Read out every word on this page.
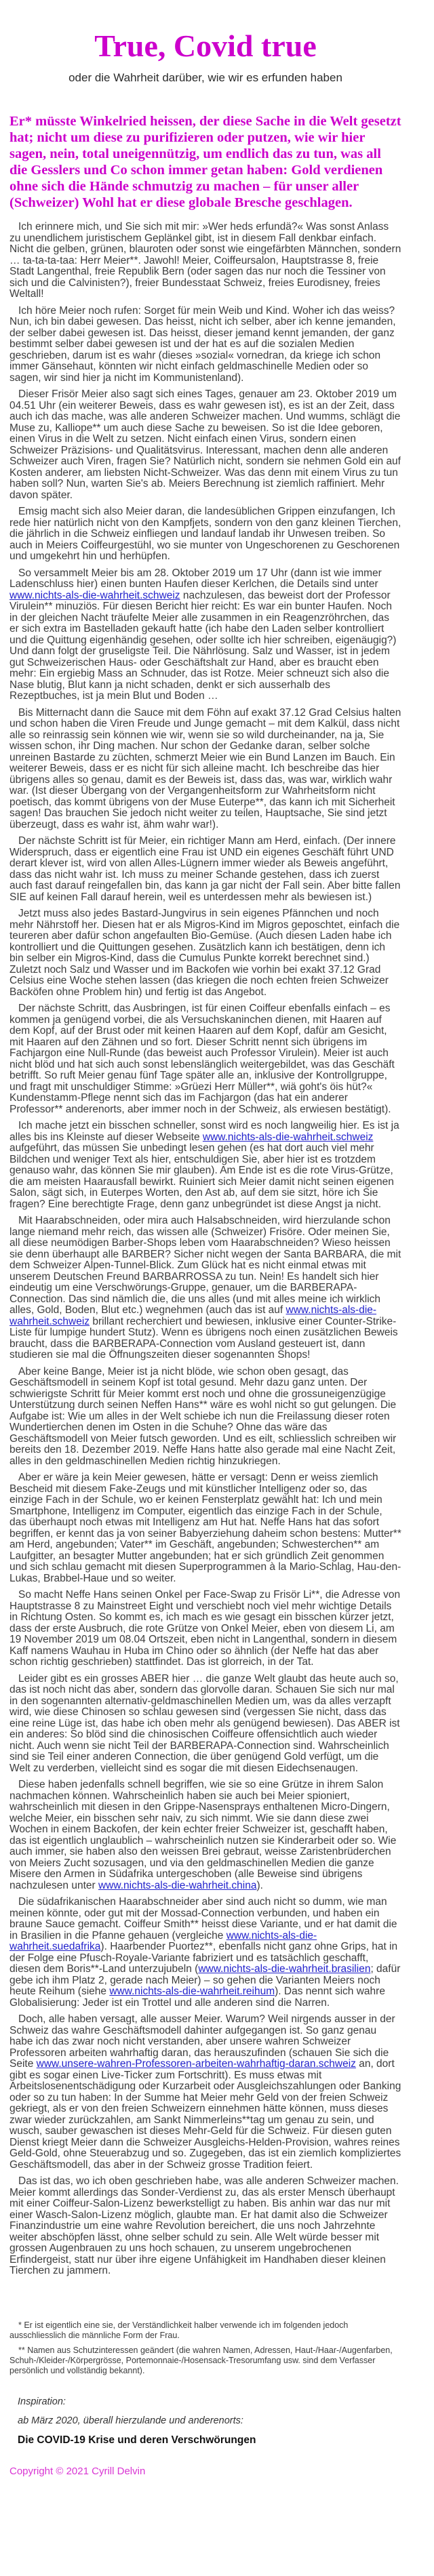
True, Covid true

oder die Wahrheit darüber, wie wir es erfunden haben

Er* müsste Winkelried heissen, der diese Sache in die Welt gesetzt hat; nicht um diese zu purifizieren oder putzen, wie wir hier sagen, nein, total uneigennützig, um endlich das zu tun, was all die Gesslers und Co schon immer getan haben: Gold verdienen ohne sich die Hände schmutzig zu machen – für unser aller (Schweizer) Wohl hat er diese globale Bresche geschlagen.

Ich erinnere mich, und Sie sich mit mir: »Wer heds erfundä?« Was sonst Anlass zu unendlichem juristischem Geplänkel gibt, ist in diesem Fall denkbar einfach. Nicht die gelben, grünen, blauroten oder sonst wie eingefärbten Männchen, sondern … ta-ta-ta-taa: Herr Meier**. Jawohl! Meier, Coiffeursalon, Hauptstrasse 8, freie Stadt Langenthal, freie Republik Bern (oder sagen das nur noch die Tessiner von sich und die Calvinisten?), freier Bundesstaat Schweiz, freies Eurodisney, freies Weltall!

Ich höre Meier noch rufen: Sorget für mein Weib und Kind. Woher ich das weiss? Nun, ich bin dabei gewesen. Das heisst, nicht ich selber, aber ich kenne jemanden, der selber dabei gewesen ist. Das heisst, dieser jemand kennt jemanden, der ganz bestimmt selber dabei gewesen ist und der hat es auf die sozialen Medien geschrieben, darum ist es wahr (dieses »sozial« vornedran, da kriege ich schon immer Gänsehaut, könnten wir nicht einfach geldmaschinelle Medien oder so sagen, wir sind hier ja nicht im Kommunistenland).

Dieser Frisör Meier also sagt sich eines Tages, genauer am 23. Oktober 2019 um 04.51 Uhr (ein weiterer Beweis, dass es wahr gewesen ist), es ist an der Zeit, dass auch ich das mache, was alle anderen Schweizer machen. Und wumms, schlägt die Muse zu, Kalliope** um auch diese Sache zu beweisen. So ist die Idee geboren, einen Virus in die Welt zu setzen. Nicht einfach einen Virus, sondern einen Schweizer Präzisions- und Qualitätsvirus. Interessant, machen denn alle anderen Schweizer auch Viren, fragen Sie? Natürlich nicht, sondern sie nehmen Gold ein auf Kosten anderer, am liebsten Nicht-Schweizer. Was das denn mit einem Virus zu tun haben soll? Nun, warten Sie's ab. Meiers Berechnung ist ziemlich raffiniert. Mehr davon später.

Emsig macht sich also Meier daran, die landesüblichen Grippen einzufangen, Ich rede hier natürlich nicht von den Kampfjets, sondern von den ganz kleinen Tierchen, die jährlich in die Schweiz einfliegen und landauf landab ihr Unwesen treiben. So auch in Meiers Coiffeurgestühl, wo sie munter von Ungeschorenen zu Geschorenen und umgekehrt hin und herhüpfen.

So versammelt Meier bis am 28. Oktober 2019 um 17 Uhr (dann ist wie immer Ladenschluss hier) einen bunten Haufen dieser Kerlchen, die Details sind unter www.nichts-als-die-wahrheit.schweiz nachzulesen, das beweist dort der Professor Virulein** minuziös. Für diesen Bericht hier reicht: Es war ein bunter Haufen. Noch in der gleichen Nacht träufelte Meier alle zusammen in ein Reagenzröhrchen, das er sich extra im Bastelladen gekauft hatte (ich habe den Laden selber kontrolliert und die Quittung eigenhändig gesehen, oder sollte ich hier schreiben, eigenäugig?) Und dann folgt der gruseligste Teil. Die Nährlösung. Salz und Wasser, ist in jedem gut Schweizerischen Haus- oder Geschäftshalt zur Hand, aber es braucht eben mehr: Ein ergiebig Mass an Schnuder, das ist Rotze. Meier schneuzt sich also die Nase blutig, Blut kann ja nicht schaden, denkt er sich ausserhalb des Rezeptbuches, ist ja mein Blut und Boden …

Bis Mitternacht dann die Sauce mit dem Föhn auf exakt 37.12 Grad Celsius halten und schon haben die Viren Freude und Junge gemacht – mit dem Kalkül, dass nicht alle so reinrassig sein können wie wir, wenn sie so wild durcheinander, na ja, Sie wissen schon, ihr Ding machen. Nur schon der Gedanke daran, selber solche unreinen Bastarde zu züchten, schmerzt Meier wie ein Bund Lanzen im Bauch. Ein weiterer Beweis, dass er es nicht für sich alleine macht. Ich beschreibe das hier übrigens alles so genau, damit es der Beweis ist, dass das, was war, wirklich wahr war. (Ist dieser Übergang von der Vergangenheitsform zur Wahrheitsform nicht poetisch, das kommt übrigens von der Muse Euterpe**, das kann ich mit Sicherheit sagen! Das brauchen Sie jedoch nicht weiter zu teilen, Hauptsache, Sie sind jetzt überzeugt, dass es wahr ist, ähm wahr war!).

Der nächste Schritt ist für Meier, ein richtiger Mann am Herd, einfach. (Der innere Widerspruch, dass er eigentlich eine Frau ist UND ein eigenes Geschäft führt UND derart klever ist, wird von allen Alles-Lügnern immer wieder als Beweis angeführt, dass das nicht wahr ist. Ich muss zu meiner Schande gestehen, dass ich zuerst auch fast darauf reingefallen bin, das kann ja gar nicht der Fall sein. Aber bitte fallen SIE auf keinen Fall darauf herein, weil es unterdessen mehr als bewiesen ist.)

Jetzt muss also jedes Bastard-Jungvirus in sein eigenes Pfännchen und noch mehr Nährstoff her. Diesen hat er als Migros-Kind im Migros geposchtet, einfach die teureren aber dafür schon angefaulten Bio-Gemüse. (Auch diesen Laden habe ich kontrolliert und die Quittungen gesehen. Zusätzlich kann ich bestätigen, denn ich bin selber ein Migros-Kind, dass die Cumulus Punkte korrekt berechnet sind.) Zuletzt noch Salz und Wasser und im Backofen wie vorhin bei exakt 37.12 Grad Celsius eine Woche stehen lassen (das kriegen die noch echten freien Schweizer Backöfen ohne Problem hin) und fertig ist das Angebot.

Der nächste Schritt, das Ausbringen, ist für einen Coiffeur ebenfalls einfach – es kommen ja genügend vorbei, die als Versuchskaninchen dienen, mit Haaren auf dem Kopf, auf der Brust oder mit keinen Haaren auf dem Kopf, dafür am Gesicht, mit Haaren auf den Zähnen und so fort. Dieser Schritt nennt sich übrigens im Fachjargon eine Null-Runde (das beweist auch Professor Virulein). Meier ist auch nicht blöd und hat sich auch sonst lebenslänglich weitergebildet, was das Geschäft betrifft. So ruft Meier genau fünf Tage später alle an, inklusive der Kontrollgruppe, und fragt mit unschuldiger Stimme: »Grüezi Herr Müller**, wiä goht's öis hüt?« Kundenstamm-Pflege nennt sich das im Fachjargon (das hat ein anderer Professor** anderenorts, aber immer noch in der Schweiz, als erwiesen bestätigt).

Ich mache jetzt ein bisschen schneller, sonst wird es noch langweilig hier. Es ist ja alles bis ins Kleinste auf dieser Webseite www.nichts-als-die-wahrheit.schweiz aufgeführt, das müssen Sie unbedingt lesen gehen (es hat dort auch viel mehr Bildchen und weniger Text als hier, entschuldigen Sie, aber hier ist es trotzdem genauso wahr, das können Sie mir glauben). Am Ende ist es die rote Virus-Grütze, die am meisten Haarausfall bewirkt. Ruiniert sich Meier damit nicht seinen eigenen Salon, sägt sich, in Euterpes Worten, den Ast ab, auf dem sie sitzt, höre ich Sie fragen? Eine berechtigte Frage, denn ganz unbegründet ist diese Angst ja nicht.

Mit Haarabschneiden, oder mira auch Halsabschneiden, wird hierzulande schon lange niemand mehr reich, das wissen alle (Schweizer) Frisöre. Oder meinen Sie, all diese neumödigen Barber-Shops leben vom Haarabschneiden? Wieso heissen sie denn überhaupt alle BARBER? Sicher nicht wegen der Santa BARBARA, die mit dem Schweizer Alpen-Tunnel-Blick. Zum Glück hat es nicht einmal etwas mit unserem Deutschen Freund BARBARROSSA zu tun. Nein! Es handelt sich hier eindeutig um eine Verschwörungs-Gruppe, genauer, um die BARBERAPA-Connection. Das sind nämlich die, die uns alles (und mit alles meine ich wirklich alles, Gold, Boden, Blut etc.) wegnehmen (auch das ist auf www.nichts-als-die-wahrheit.schweiz brillant recherchiert und bewiesen, inklusive einer Counter-Strike-Liste für lumpige hundert Stutz). Wenn es übrigens noch einen zusätzlichen Beweis braucht, dass die BARBERAPA-Connection vom Ausland gesteuert ist, dann studieren sie mal die Öffnungszeiten dieser sogenannten Shops!

Aber keine Bange, Meier ist ja nicht blöde, wie schon oben gesagt, das Geschäftsmodell in seinem Kopf ist total gesund. Mehr dazu ganz unten. Der schwierigste Schritt für Meier kommt erst noch und ohne die grossuneigenzügige Unterstützung durch seinen Neffen Hans** wäre es wohl nicht so gut gelungen. Die Aufgabe ist: Wie um alles in der Welt schiebe ich nun die Freilassung dieser roten Wundertierchen denen im Osten in die Schuhe? Ohne das wäre das Geschäftsmodell von Meier futsch geworden. Und es eilt, schliesslich schreiben wir bereits den 18. Dezember 2019. Neffe Hans hatte also gerade mal eine Nacht Zeit, alles in den geldmaschinellen Medien richtig hinzukriegen.

Aber er wäre ja kein Meier gewesen, hätte er versagt: Denn er weiss ziemlich Bescheid mit diesem Fake-Zeugs und mit künstlicher Intelligenz oder so, das einzige Fach in der Schule, wo er keinen Fensterplatz gewählt hat: Ich und mein Smartphone, Intelligenz im Computer, eigentlich das einzige Fach in der Schule, das überhaupt noch etwas mit Intelligenz am Hut hat. Neffe Hans hat das sofort begriffen, er kennt das ja von seiner Babyerziehung daheim schon bestens: Mutter** am Herd, angebunden; Vater** im Geschäft, angebunden; Schwesterchen** am Laufgitter, an besagter Mutter angebunden; hat er sich gründlich Zeit genommen und sich schlau gemacht mit diesen Superprogrammen à la Mario-Schlag, Hau-den-Lukas, Brabbel-Haue und so weiter.

So macht Neffe Hans seinen Onkel per Face-Swap zu Frisör Li**, die Adresse von Hauptstrasse 8 zu Mainstreet Eight und verschiebt noch viel mehr wichtige Details in Richtung Osten. So kommt es, ich mach es wie gesagt ein bisschen kürzer jetzt, dass der erste Ausbruch, die rote Grütze von Onkel Meier, eben von diesem Li, am 19 November 2019 um 08.04 Ortszeit, eben nicht in Langenthal, sondern in diesem Kaff namens Wauhau in Huba im Chino oder so ähnlich (der Neffe hat das aber schon richtig geschrieben) stattfindet. Das ist glorreich, in der Tat.

Leider gibt es ein grosses ABER hier … die ganze Welt glaubt das heute auch so, das ist noch nicht das aber, sondern das glorvolle daran. Schauen Sie sich nur mal in den sogenannten alternativ-geldmaschinellen Medien um, was da alles verzapft wird, wie diese Chinosen so schlau gewesen sind (vergessen Sie nicht, dass das eine reine Lüge ist, das habe ich oben mehr als genügend bewiesen). Das ABER ist ein anderes: So blöd sind die chinosischen Coiffeure offensichtlich auch wieder nicht. Auch wenn sie nicht Teil der BARBERAPA-Connection sind. Wahrscheinlich sind sie Teil einer anderen Connection, die über genügend Gold verfügt, um die Welt zu verderben, vielleicht sind es sogar die mit diesen Eidechsenaugen.

Diese haben jedenfalls schnell begriffen, wie sie so eine Grütze in ihrem Salon nachmachen können. Wahrscheinlich haben sie auch bei Meier spioniert, wahrscheinlich mit diesen in den Grippe-Nasensprays enthaltenen Micro-Dingern, welche Meier, ein bisschen sehr naiv, zu sich nimmt. Wie sie dann diese zwei Wochen in einem Backofen, der kein echter freier Schweizer ist, geschafft haben, das ist eigentlich unglaublich – wahrscheinlich nutzen sie Kinderarbeit oder so. Wie auch immer, sie haben also den weissen Brei gebraut, weisse Zaristenbrüderchen von Meiers Zucht sozusagen, und via den geldmaschinellen Medien die ganze Misere den Armen in Südafrika untergeschoben (alle Beweise sind übrigens nachzulesen unter www.nichts-als-die-wahrheit.china).

Die südafrikanischen Haarabschneider aber sind auch nicht so dumm, wie man meinen könnte, oder gut mit der Mossad-Connection verbunden, und haben ein braune Sauce gemacht. Coiffeur Smith** heisst diese Variante, und er hat damit die in Brasilien in die Pfanne gehauen (vergleiche www.nichts-als-die-wahrheit.suedafrika). Haarbender Puortez**, ebenfalls nicht ganz ohne Grips, hat in der Folge eine Pfusch-Royale-Variante fabriziert und es tatsächlich geschafft, diesen dem Boris**-Land unterzujubeln (www.nichts-als-die-wahrheit.brasilien; dafür gebe ich ihm Platz 2, gerade nach Meier) – so gehen die Varianten Meiers noch heute Reihum (siehe www.nichts-als-die-wahrheit.reihum). Das nennt sich wahre Globalisierung: Jeder ist ein Trottel und alle anderen sind die Narren.

Doch, alle haben versagt, alle ausser Meier. Warum? Weil nirgends ausser in der Schweiz das wahre Geschäftsmodell dahinter aufgegangen ist. So ganz genau habe ich das zwar noch nicht verstanden, aber unsere wahren Schweizer Professoren arbeiten wahrhaftig daran, das herauszufinden (schauen Sie sich die Seite www.unsere-wahren-Professoren-arbeiten-wahrhaftig-daran.schweiz an, dort gibt es sogar einen Live-Ticker zum Fortschritt). Es muss etwas mit Arbeitslosenentschädigung oder Kurzarbeit oder Ausgleichszahlungen oder Banking oder so zu tun haben: In der Summe hat Meier mehr Geld von der freien Schweiz gekriegt, als er von den freien Schweizern einnehmen hätte können, muss dieses zwar wieder zurückzahlen, am Sankt Nimmerleins**tag um genau zu sein, und wusch, sauber gewaschen ist dieses Mehr-Geld für die Schweiz. Für diesen guten Dienst kriegt Meier dann die Schweizer Ausgleichs-Helden-Provision, wahres reines Geld-Gold, ohne Steuerabzug und so. Zugegeben, das ist ein ziemlich kompliziertes Geschäftsmodell, das aber in der Schweiz grosse Tradition feiert.

Das ist das, wo ich oben geschrieben habe, was alle anderen Schweizer machen. Meier kommt allerdings das Sonder-Verdienst zu, das als erster Mensch überhaupt mit einer Coiffeur-Salon-Lizenz bewerkstelligt zu haben. Bis anhin war das nur mit einer Wasch-Salon-Lizenz möglich, glaubte man. Er hat damit also die Schweizer Finanzindustrie um eine wahre Revolution bereichert, die uns noch Jahrzehnte weiter abschöpfen lässt, ohne selber schuld zu sein. Alle Welt würde besser mit grossen Augenbrauen zu uns hoch schauen, zu unserem ungebrochenen Erfindergeist, statt nur über ihre eigene Unfähigkeit im Handhaben dieser kleinen Tierchen zu jammern.

* Er ist eigentlich eine sie, der Verständlichkeit halber verwende ich im folgenden jedoch ausschliesslich die männliche Form der Frau.

** Namen aus Schutzinteressen geändert (die wahren Namen, Adressen, Haut-/Haar-/Augenfarben, Schuh-/Kleider-/Körpergrösse, Portemonnaie-/Hosensack-Tresorumfang usw. sind dem Verfasser persönlich und vollständig bekannt).

Inspiration:

ab März 2020, überall hierzulande und anderenorts:

Die COVID-19 Krise und deren Verschwörungen

Copyright © 2021 Cyrill Delvin
